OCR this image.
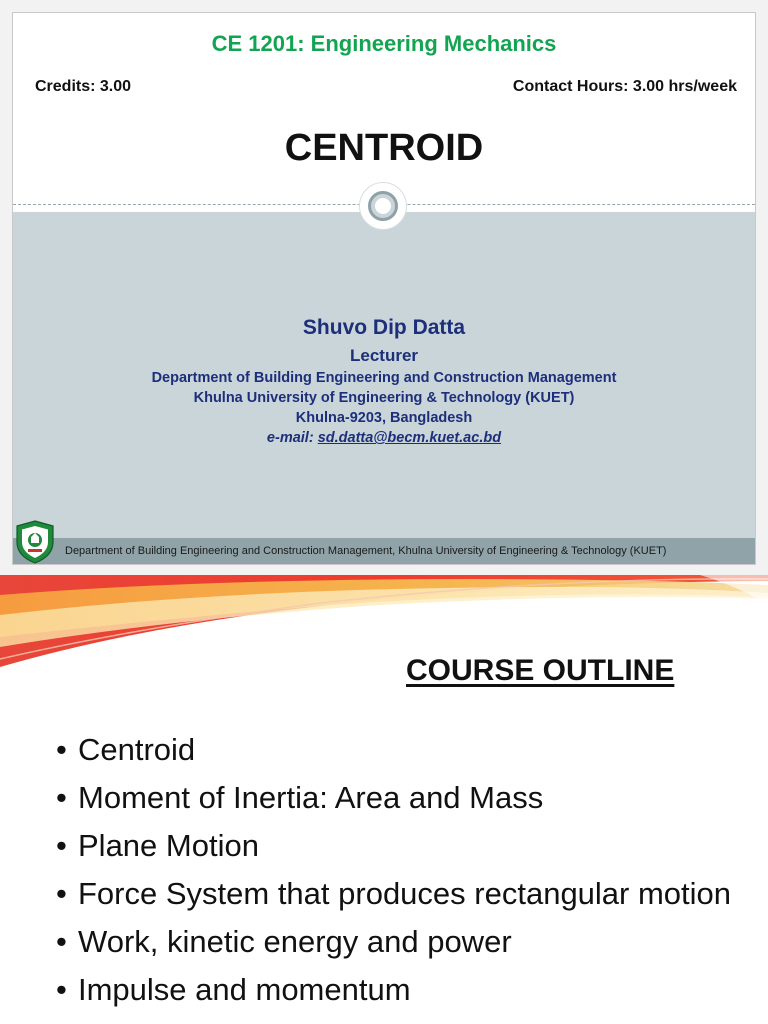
CE 1201: Engineering Mechanics
Credits: 3.00	Contact Hours: 3.00 hrs/week
CENTROID
Shuvo Dip Datta
Lecturer
Department of Building Engineering and Construction Management
Khulna University of Engineering & Technology (KUET)
Khulna-9203, Bangladesh
e-mail: sd.datta@becm.kuet.ac.bd
Department of Building Engineering and Construction Management, Khulna University of Engineering & Technology (KUET)
COURSE OUTLINE
• Centroid
• Moment of Inertia: Area and Mass
• Plane Motion
• Force System that produces rectangular motion
• Work, kinetic energy and power
• Impulse and momentum
